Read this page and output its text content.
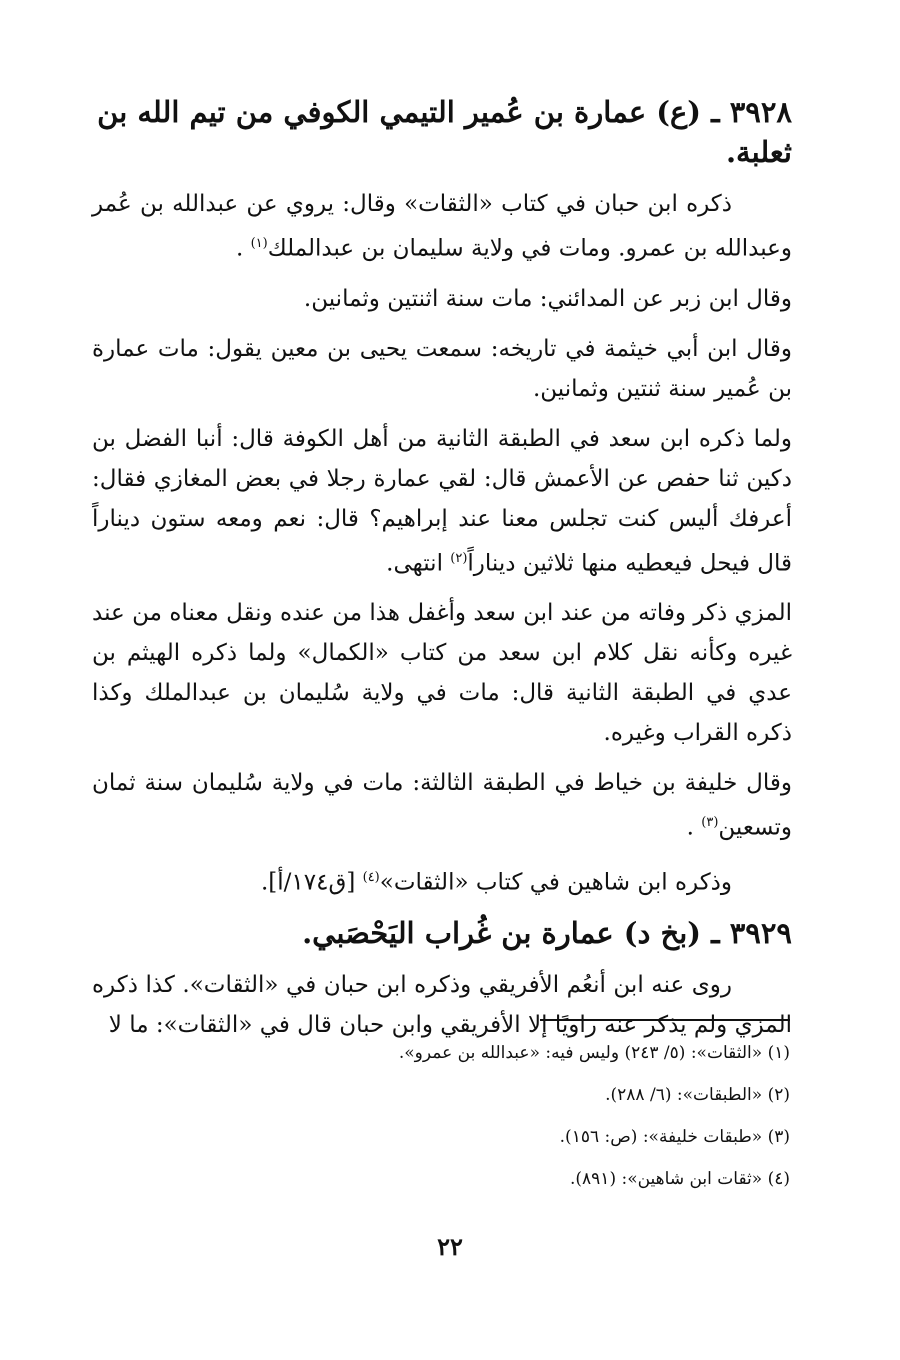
٣٩٢٨ ـ (ع) عمارة بن عُمير التيمي الكوفي من تيم الله بن ثعلبة.
ذكره ابن حبان في كتاب «الثقات» وقال: يروي عن عبدالله بن عُمر وعبدالله بن عمرو. ومات في ولاية سليمان بن عبدالملك$^{(١)}$ .
وقال ابن زبر عن المدائني: مات سنة اثنتين وثمانين.
وقال ابن أبي خيثمة في تاريخه: سمعت يحيى بن معين يقول: مات عمارة بن عُمير سنة ثنتين وثمانين.
ولما ذكره ابن سعد في الطبقة الثانية من أهل الكوفة قال: أنبا الفضل بن دكين ثنا حفص عن الأعمش قال: لقي عمارة رجلا في بعض المغازي فقال: أعرفك أليس كنت تجلس معنا عند إبراهيم؟ قال: نعم ومعه ستون ديناراً قال فيحل فيعطيه منها ثلاثين ديناراً$^{(٢)}$ انتهى.
المزي ذكر وفاته من عند ابن سعد وأغفل هذا من عنده ونقل معناه من عند غيره وكأنه نقل كلام ابن سعد من كتاب «الكمال» ولما ذكره الهيثم بن عدي في الطبقة الثانية قال: مات في ولاية سُليمان بن عبدالملك وكذا ذكره القراب وغيره.
وقال خليفة بن خياط في الطبقة الثالثة: مات في ولاية سُليمان سنة ثمان وتسعين$^{(٣)}$ .
وذكره ابن شاهين في كتاب «الثقات»$^{(٤)}$ [ق١٧٤/أ].
٣٩٢٩ ـ (بخ د) عمارة بن غُراب اليَحْصَبي.
روى عنه ابن أنعُم الأفريقي وذكره ابن حبان في «الثقات». كذا ذكره المزي ولم يذكر عنه راويًا إلا الأفريقي وابن حبان قال في «الثقات»: ما لا

(١) «الثقات»: (٥/ ٢٤٣) وليس فيه: «عبدالله بن عمرو».

(٢) «الطبقات»: (٦/ ٢٨٨).

(٣) «طبقات خليفة»: (ص: ١٥٦).

(٤) «ثقات ابن شاهين»: (٨٩١).

٢٢
